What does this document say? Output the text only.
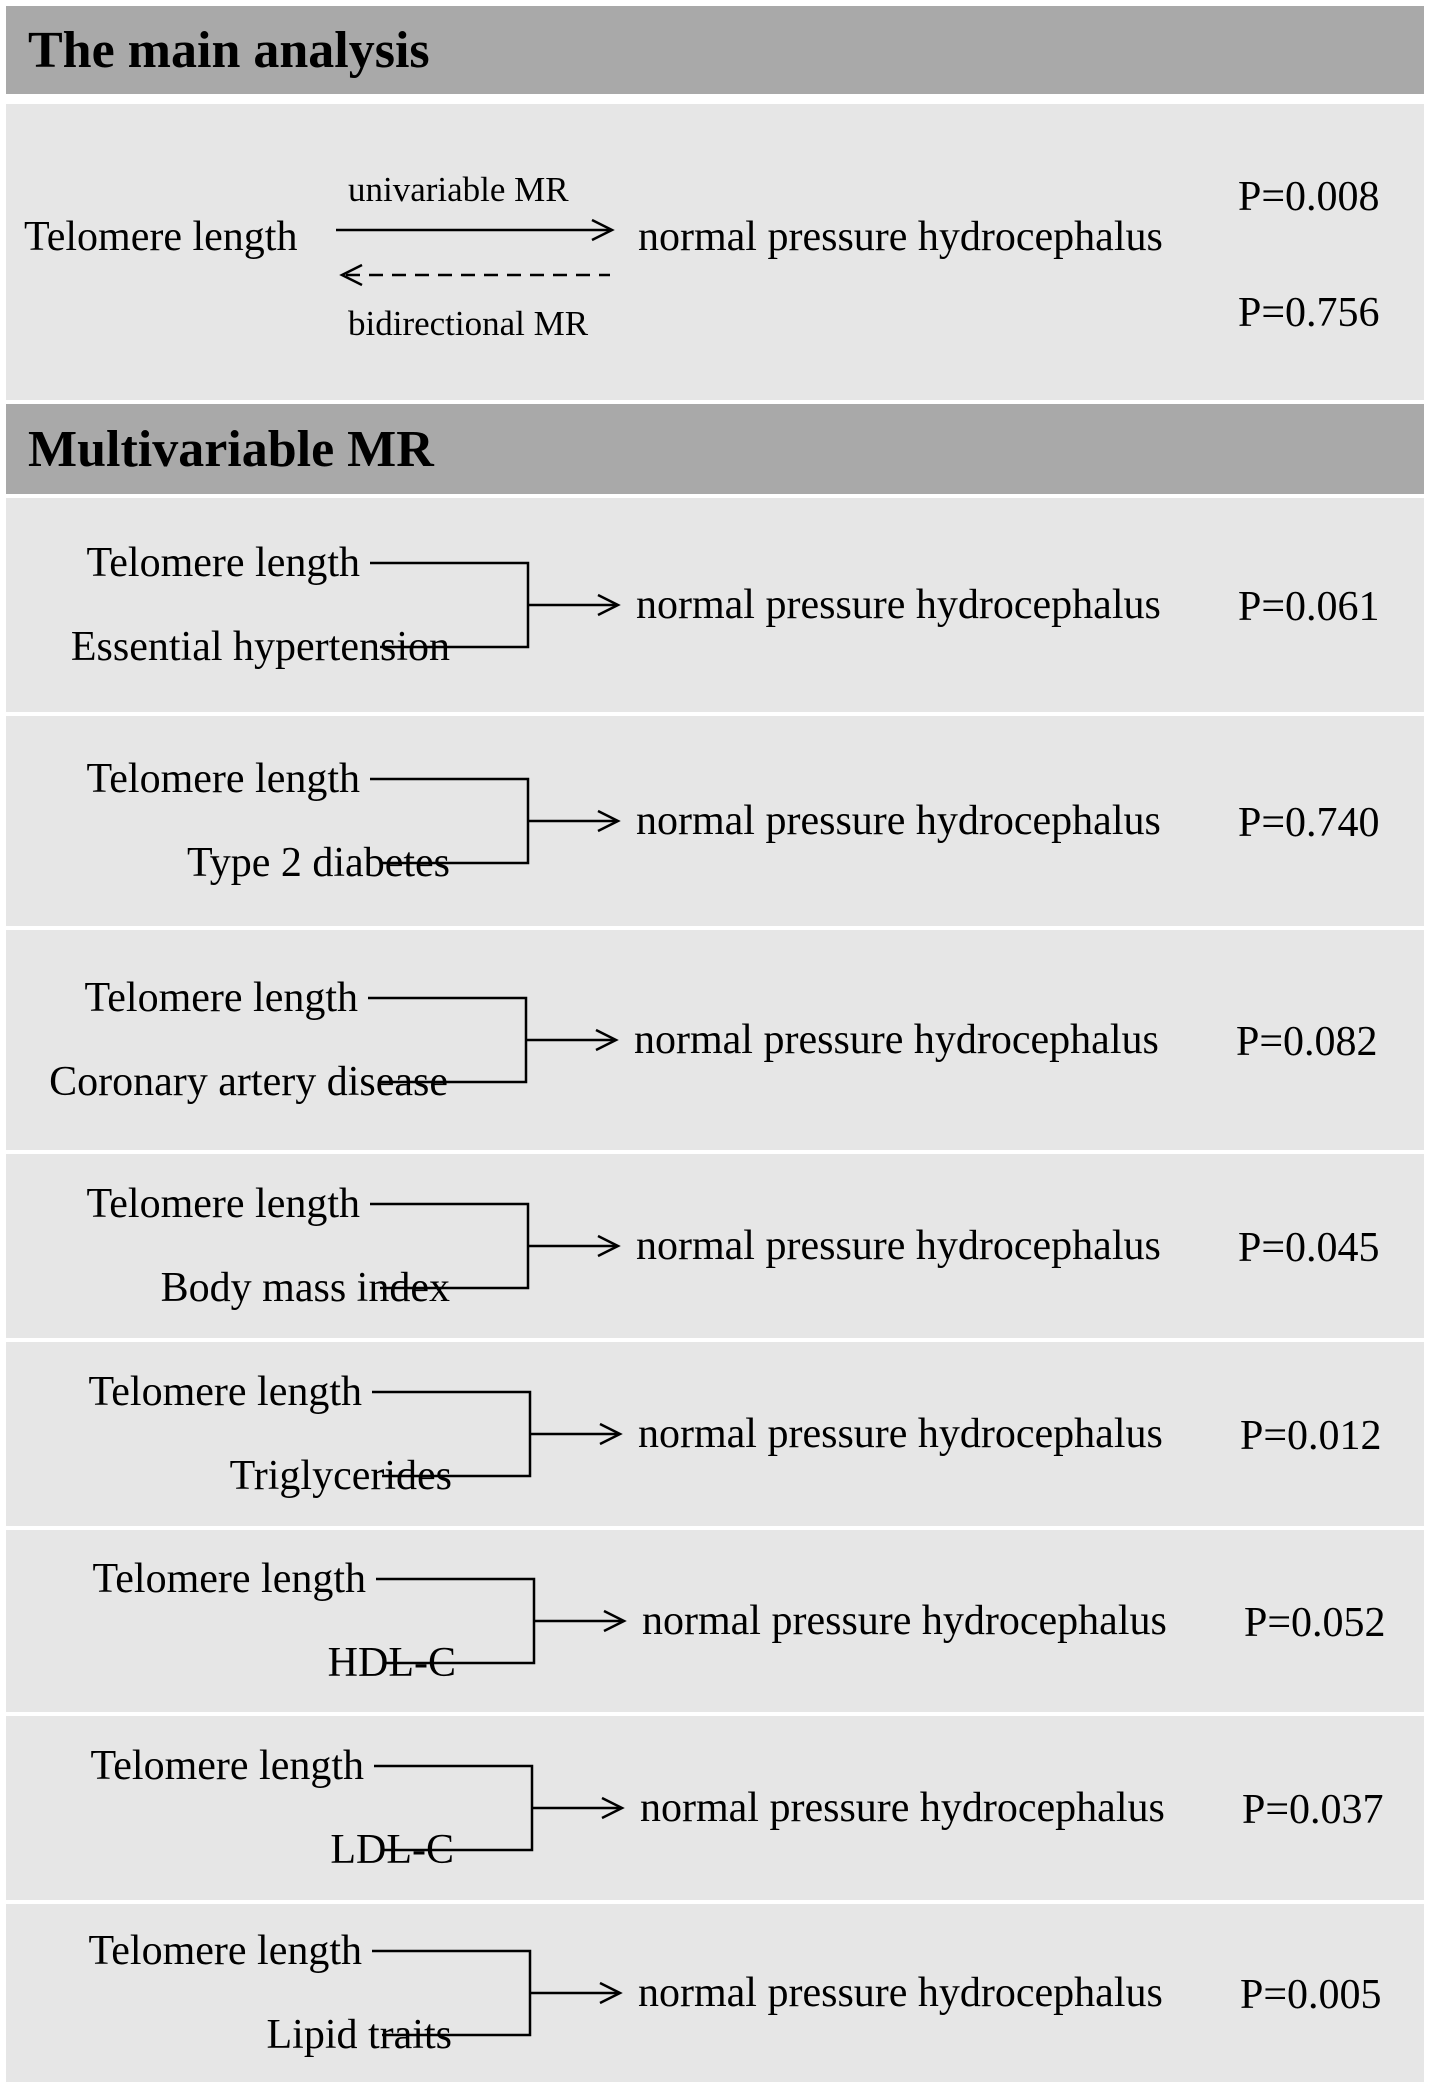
The main analysis
Telomere length
univariable MR
bidirectional MR
normal pressure hydrocephalus
P=0.008
P=0.756
Multivariable MR
Telomere length
Essential hypertension
normal pressure hydrocephalus P=0.061
Telomere length
Type 2 diabetes
normal pressure hydrocephalus P=0.740
Telomere length
Coronary artery disease
normal pressure hydrocephalus P=0.082
Telomere length
Body mass index
normal pressure hydrocephalus P=0.045
Telomere length
Triglycerides
normal pressure hydrocephalus P=0.012
Telomere length
HDL-C
normal pressure hydrocephalus P=0.052
Telomere length
LDL-C
normal pressure hydrocephalus P=0.037
Telomere length
Lipid traits
normal pressure hydrocephalus P=0.005
